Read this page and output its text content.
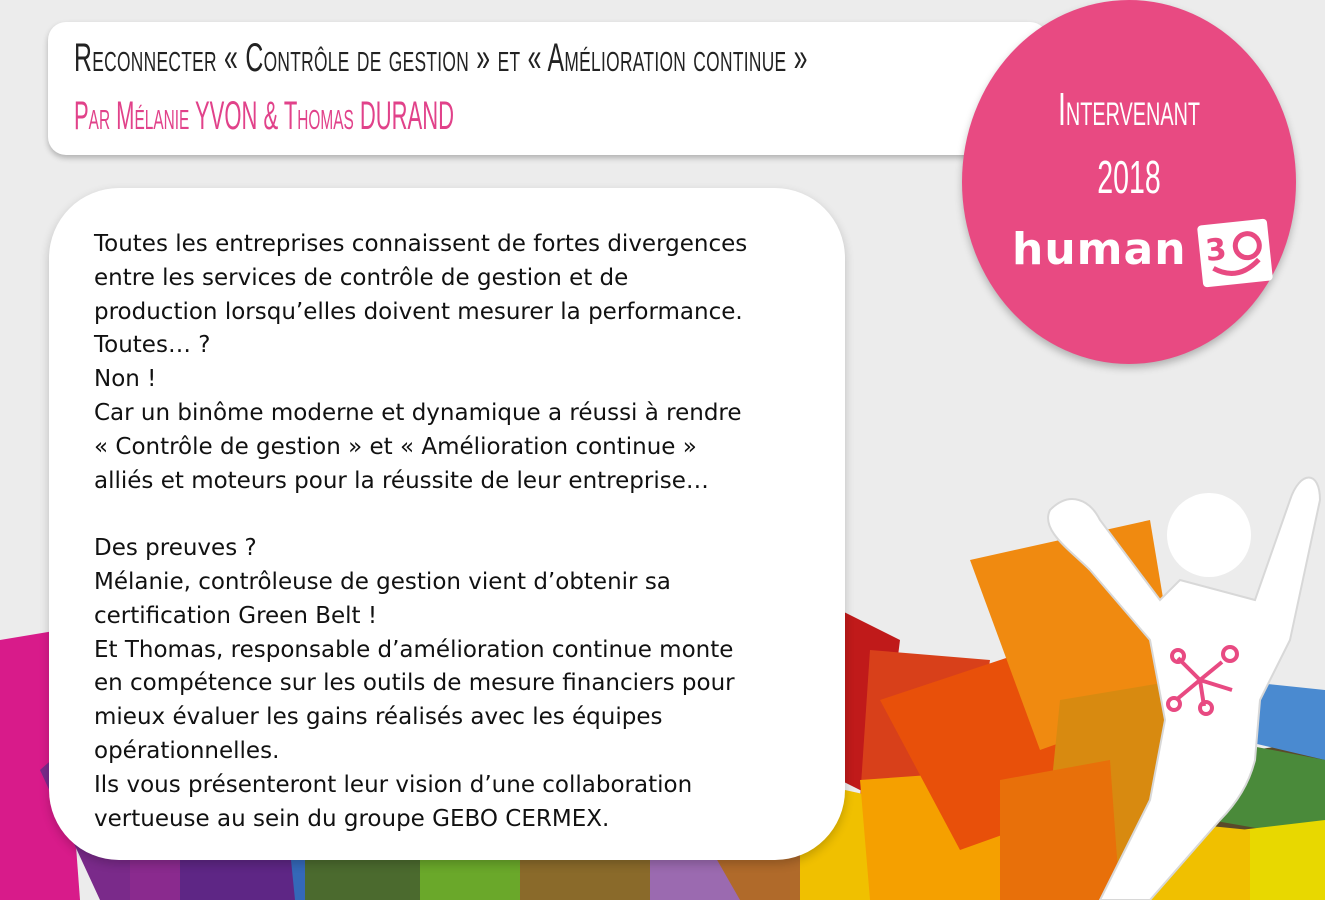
Reconnecter « Contrôle de gestion » et « Amélioration continue »
Par Mélanie YVON & Thomas DURAND	Intervenant
2018
human 3
Toutes les entreprises connaissent de fortes divergences
entre les services de contrôle de gestion et de
production lorsqu’elles doivent mesurer la performance.
Toutes… ?
Non !
Car un binôme moderne et dynamique a réussi à rendre
« Contrôle de gestion » et « Amélioration continue »
alliés et moteurs pour la réussite de leur entreprise…
Des preuves ?
Mélanie, contrôleuse de gestion vient d’obtenir sa
certification Green Belt !
Et Thomas, responsable d’amélioration continue monte
en compétence sur les outils de mesure financiers pour
mieux évaluer les gains réalisés avec les équipes
opérationnelles.
Ils vous présenteront leur vision d’une collaboration
vertueuse au sein du groupe GEBO CERMEX.
